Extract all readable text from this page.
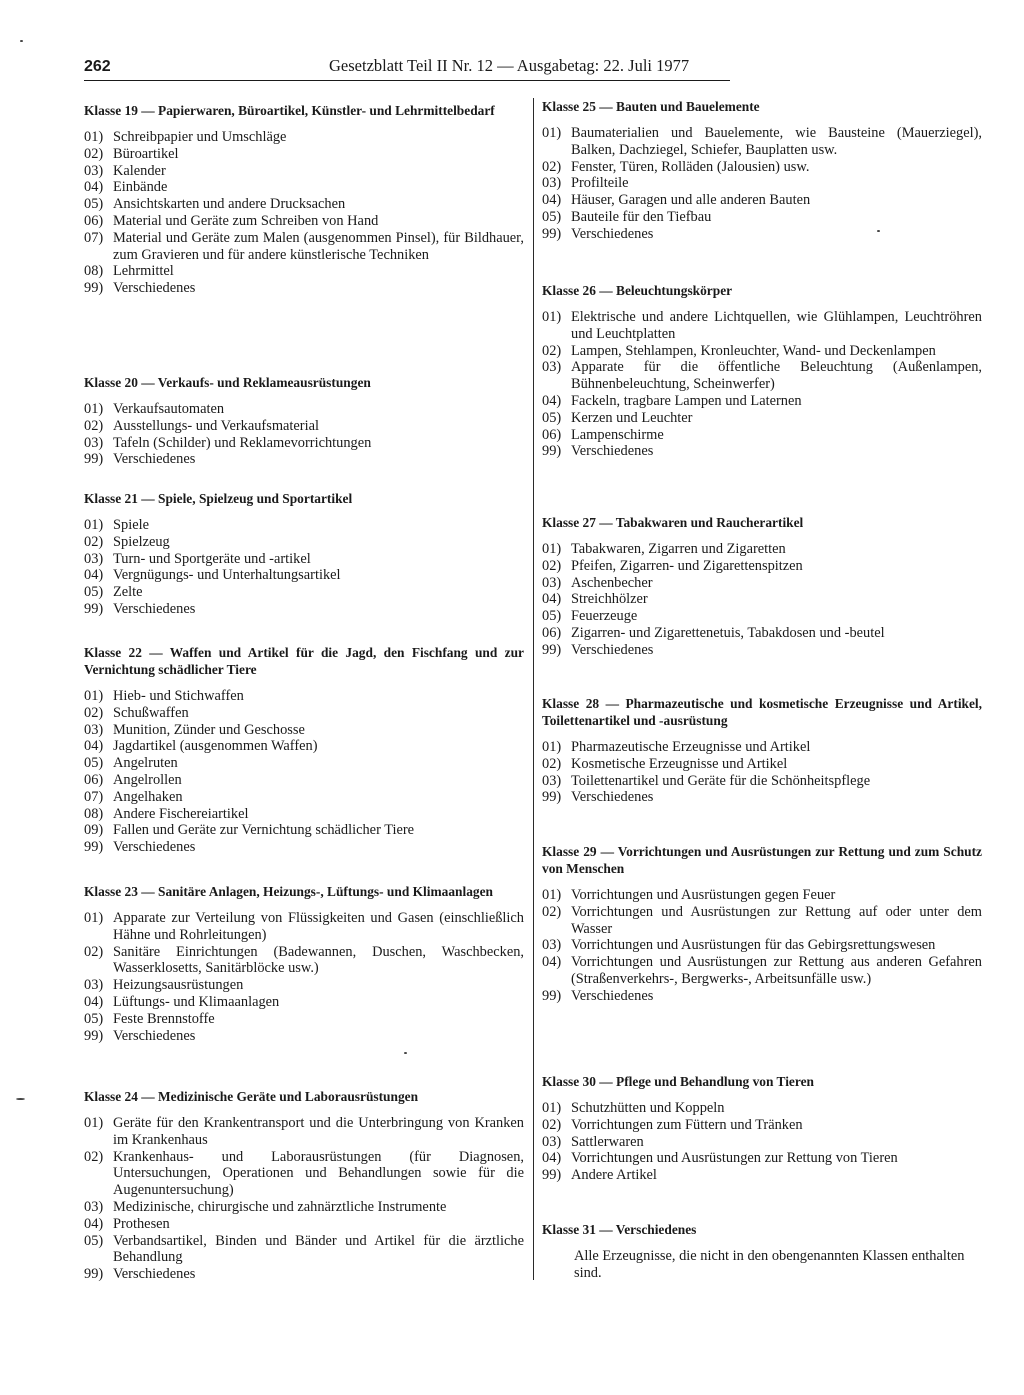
262	Gesetzblatt Teil II Nr. 12 — Ausgabetag: 22. Juli 1977
Klasse 19 — Papierwaren, Büroartikel, Künstler- und Lehrmittelbedarf
01) Schreibpapier und Umschläge
02) Büroartikel
03) Kalender
04) Einbände
05) Ansichtskarten und andere Drucksachen
06) Material und Geräte zum Schreiben von Hand
07) Material und Geräte zum Malen (ausgenommen Pinsel), für Bildhauer, zum Gravieren und für andere künstlerische Techniken
08) Lehrmittel
99) Verschiedenes
Klasse 20 — Verkaufs- und Reklameausrüstungen
01) Verkaufsautomaten
02) Ausstellungs- und Verkaufsmaterial
03) Tafeln (Schilder) und Reklamevorrichtungen
99) Verschiedenes
Klasse 21 — Spiele, Spielzeug und Sportartikel
01) Spiele
02) Spielzeug
03) Turn- und Sportgeräte und -artikel
04) Vergnügungs- und Unterhaltungsartikel
05) Zelte
99) Verschiedenes
Klasse 22 — Waffen und Artikel für die Jagd, den Fischfang und zur Vernichtung schädlicher Tiere
01) Hieb- und Stichwaffen
02) Schußwaffen
03) Munition, Zünder und Geschosse
04) Jagdartikel (ausgenommen Waffen)
05) Angelruten
06) Angelrollen
07) Angelhaken
08) Andere Fischereiartikel
09) Fallen und Geräte zur Vernichtung schädlicher Tiere
99) Verschiedenes
Klasse 23 — Sanitäre Anlagen, Heizungs-, Lüftungs- und Klimaanlagen
01) Apparate zur Verteilung von Flüssigkeiten und Gasen (einschließlich Hähne und Rohrleitungen)
02) Sanitäre Einrichtungen (Badewannen, Duschen, Waschbecken, Wasserklosetts, Sanitärblöcke usw.)
03) Heizungsausrüstungen
04) Lüftungs- und Klimaanlagen
05) Feste Brennstoffe
99) Verschiedenes
Klasse 24 — Medizinische Geräte und Laborausrüstungen
01) Geräte für den Krankentransport und die Unterbringung von Kranken im Krankenhaus
02) Krankenhaus- und Laborausrüstungen (für Diagnosen, Untersuchungen, Operationen und Behandlungen sowie für die Augenuntersuchung)
03) Medizinische, chirurgische und zahnärztliche Instrumente
04) Prothesen
05) Verbandsartikel, Binden und Bänder und Artikel für die ärztliche Behandlung
99) Verschiedenes
Klasse 25 — Bauten und Bauelemente
01) Baumaterialien und Bauelemente, wie Bausteine (Mauerziegel), Balken, Dachziegel, Schiefer, Bauplatten usw.
02) Fenster, Türen, Rolläden (Jalousien) usw.
03) Profilteile
04) Häuser, Garagen und alle anderen Bauten
05) Bauteile für den Tiefbau
99) Verschiedenes
Klasse 26 — Beleuchtungskörper
01) Elektrische und andere Lichtquellen, wie Glühlampen, Leuchtröhren und Leuchtplatten
02) Lampen, Stehlampen, Kronleuchter, Wand- und Deckenlampen
03) Apparate für die öffentliche Beleuchtung (Außenlampen, Bühnenbeleuchtung, Scheinwerfer)
04) Fackeln, tragbare Lampen und Laternen
05) Kerzen und Leuchter
06) Lampenschirme
99) Verschiedenes
Klasse 27 — Tabakwaren und Raucherartikel
01) Tabakwaren, Zigarren und Zigaretten
02) Pfeifen, Zigarren- und Zigarettenspitzen
03) Aschenbecher
04) Streichhölzer
05) Feuerzeuge
06) Zigarren- und Zigarettenetuis, Tabakdosen und -beutel
99) Verschiedenes
Klasse 28 — Pharmazeutische und kosmetische Erzeugnisse und Artikel, Toilettenartikel und -ausrüstung
01) Pharmazeutische Erzeugnisse und Artikel
02) Kosmetische Erzeugnisse und Artikel
03) Toilettenartikel und Geräte für die Schönheitspflege
99) Verschiedenes
Klasse 29 — Vorrichtungen und Ausrüstungen zur Rettung und zum Schutz von Menschen
01) Vorrichtungen und Ausrüstungen gegen Feuer
02) Vorrichtungen und Ausrüstungen zur Rettung auf oder unter dem Wasser
03) Vorrichtungen und Ausrüstungen für das Gebirgsrettungswesen
04) Vorrichtungen und Ausrüstungen zur Rettung aus anderen Gefahren (Straßenverkehrs-, Bergwerks-, Arbeitsunfälle usw.)
99) Verschiedenes
Klasse 30 — Pflege und Behandlung von Tieren
01) Schutzhütten und Koppeln
02) Vorrichtungen zum Füttern und Tränken
03) Sattlerwaren
04) Vorrichtungen und Ausrüstungen zur Rettung von Tieren
99) Andere Artikel
Klasse 31 — Verschiedenes
Alle Erzeugnisse, die nicht in den obengenannten Klassen enthalten sind.
